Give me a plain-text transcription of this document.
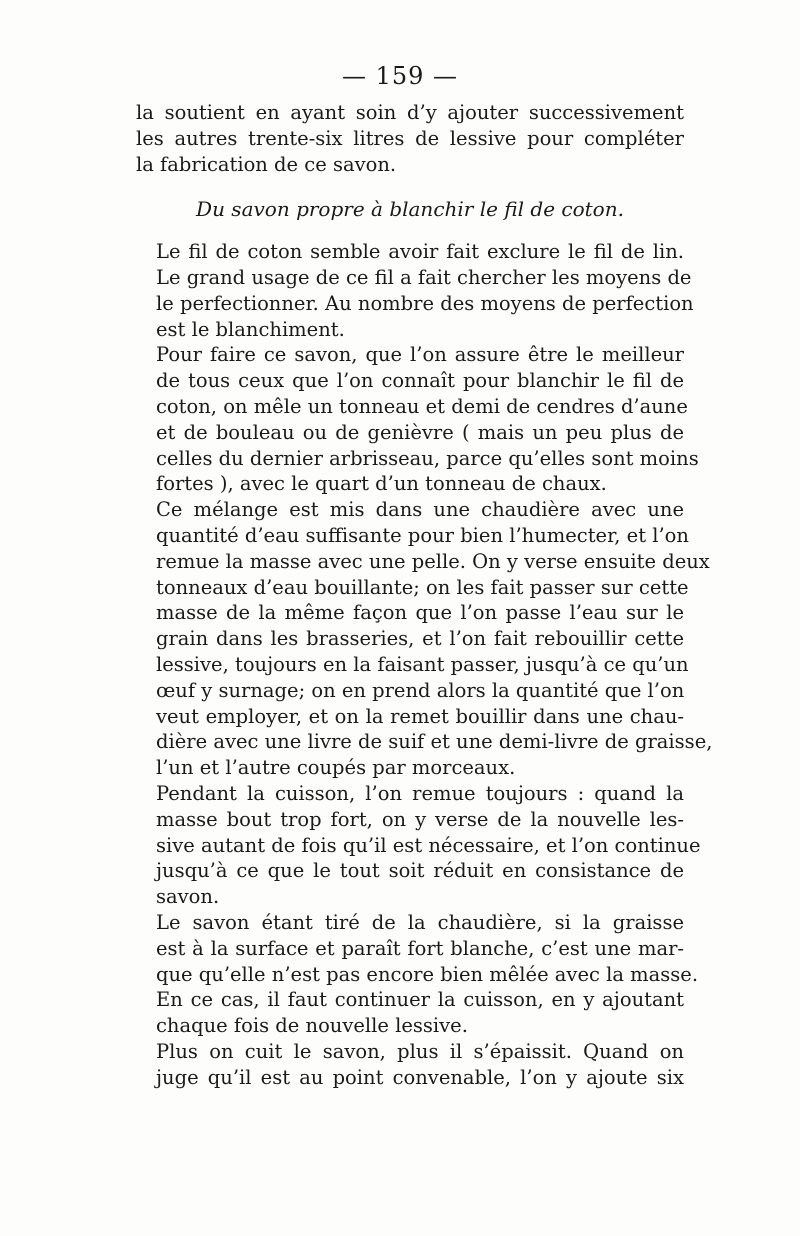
— 159 —

la soutient en ayant soin d’y ajouter successivement
les autres trente-six litres de lessive pour compléter
la fabrication de ce savon.

Du savon propre à blanchir le fil de coton.

Le fil de coton semble avoir fait exclure le fil de lin.
Le grand usage de ce fil a fait chercher les moyens de
le perfectionner. Au nombre des moyens de perfection
est le blanchiment.

Pour faire ce savon, que l’on assure être le meilleur
de tous ceux que l’on connaît pour blanchir le fil de
coton, on mêle un tonneau et demi de cendres d’aune
et de bouleau ou de genièvre ( mais un peu plus de
celles du dernier arbrisseau, parce qu’elles sont moins
fortes ), avec le quart d’un tonneau de chaux.

Ce mélange est mis dans une chaudière avec une
quantité d’eau suffisante pour bien l’humecter, et l’on
remue la masse avec une pelle. On y verse ensuite deux
tonneaux d’eau bouillante; on les fait passer sur cette
masse de la même façon que l’on passe l’eau sur le
grain dans les brasseries, et l’on fait rebouillir cette
lessive, toujours en la faisant passer, jusqu’à ce qu’un
œuf y surnage; on en prend alors la quantité que l’on
veut employer, et on la remet bouillir dans une chau-
dière avec une livre de suif et une demi-livre de graisse,
l’un et l’autre coupés par morceaux.

Pendant la cuisson, l’on remue toujours : quand la
masse bout trop fort, on y verse de la nouvelle les-
sive autant de fois qu’il est nécessaire, et l’on continue
jusqu’à ce que le tout soit réduit en consistance de
savon.

Le savon étant tiré de la chaudière, si la graisse
est à la surface et paraît fort blanche, c’est une mar-
que qu’elle n’est pas encore bien mêlée avec la masse.
En ce cas, il faut continuer la cuisson, en y ajoutant
chaque fois de nouvelle lessive.

Plus on cuit le savon, plus il s’épaissit. Quand on
juge qu’il est au point convenable, l’on y ajoute six
